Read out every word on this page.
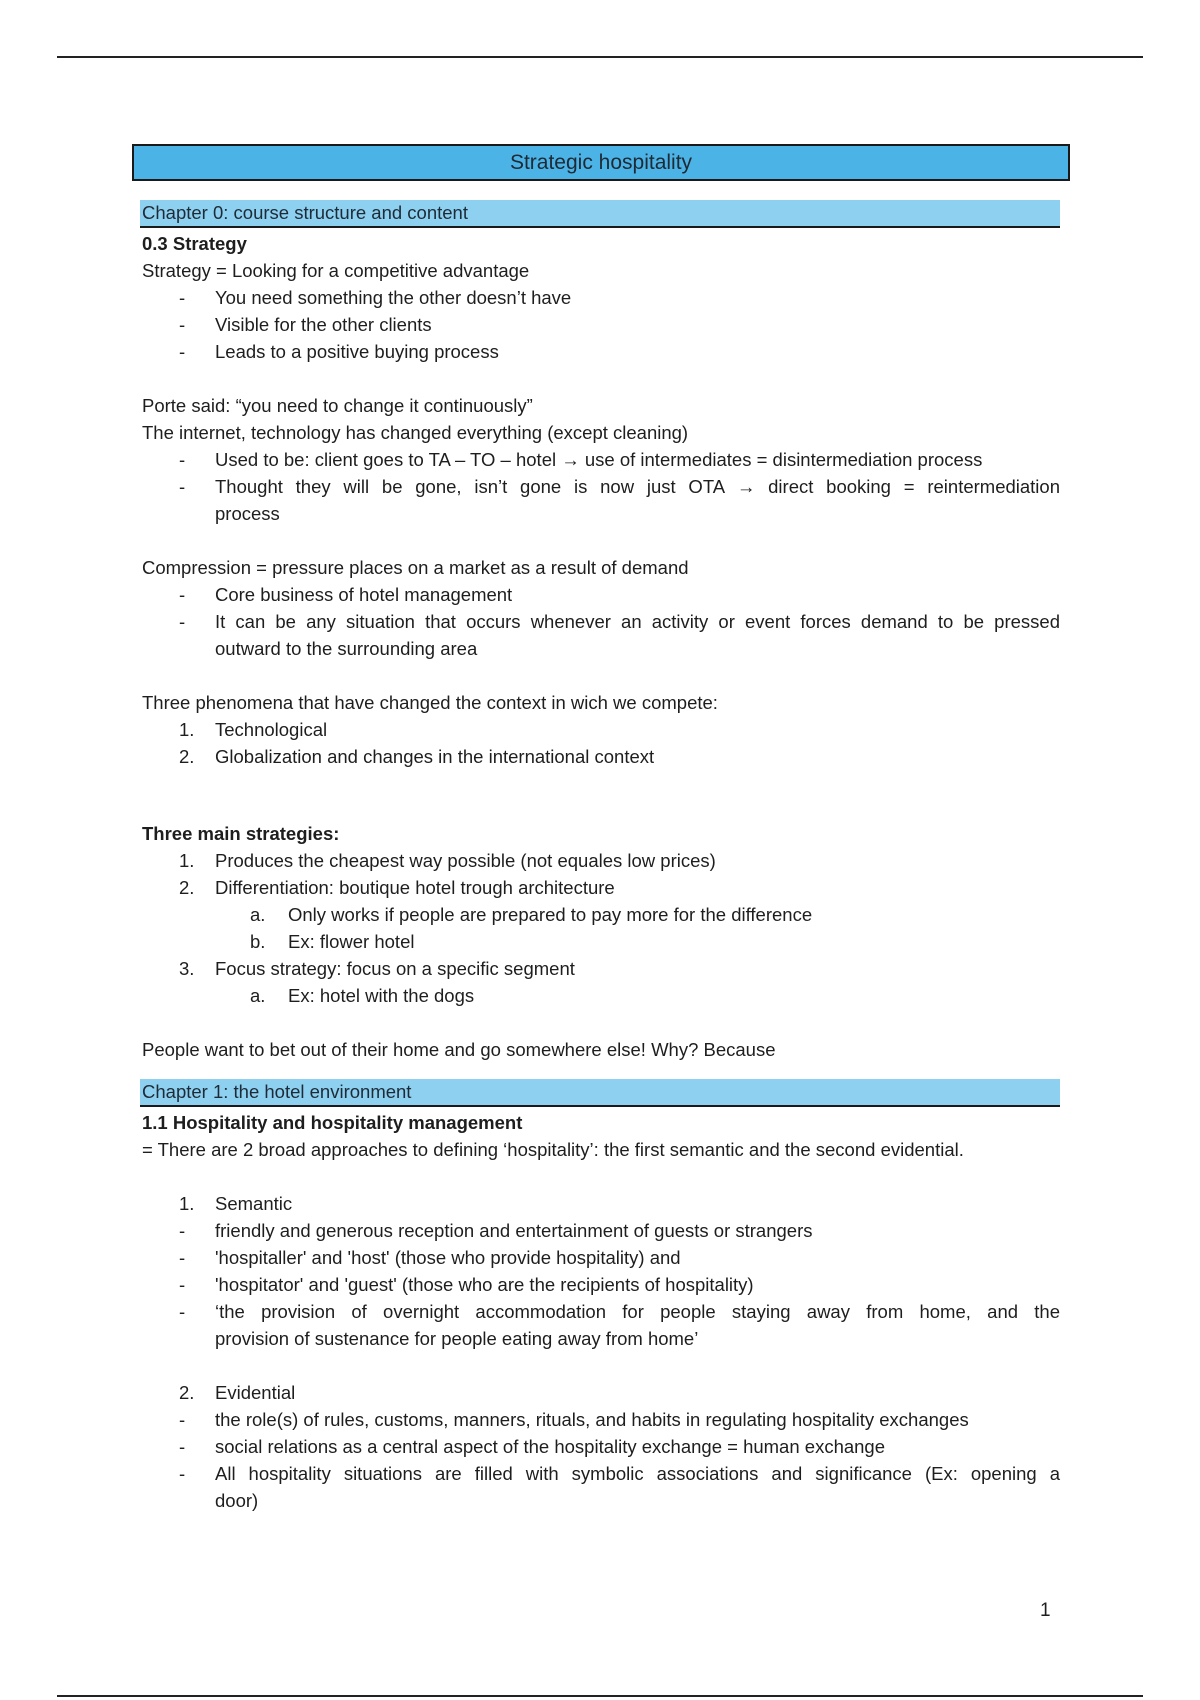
Strategic hospitality
Chapter 0: course structure and content
0.3 Strategy
Strategy = Looking for a competitive advantage
- You need something the other doesn’t have
- Visible for the other clients
- Leads to a positive buying process
Porte said: “you need to change it continuously”
The internet, technology has changed everything (except cleaning)
- Used to be: client goes to TA – TO – hotel → use of intermediates = disintermediation process
- Thought they will be gone, isn’t gone is now just OTA → direct booking = reintermediation
process
Compression = pressure places on a market as a result of demand
- Core business of hotel management
- It can be any situation that occurs whenever an activity or event forces demand to be pressed
outward to the surrounding area
Three phenomena that have changed the context in wich we compete:
1. Technological
2. Globalization and changes in the international context
Three main strategies:
1. Produces the cheapest way possible (not equales low prices)
2. Differentiation: boutique hotel trough architecture
a. Only works if people are prepared to pay more for the difference
b. Ex: flower hotel
3. Focus strategy: focus on a specific segment
a. Ex: hotel with the dogs
People want to bet out of their home and go somewhere else! Why? Because
Chapter 1: the hotel environment
1.1 Hospitality and hospitality management
= There are 2 broad approaches to defining ‘hospitality’: the first semantic and the second evidential.
1. Semantic
- friendly and generous reception and entertainment of guests or strangers
- 'hospitaller' and 'host' (those who provide hospitality) and
- 'hospitator' and 'guest' (those who are the recipients of hospitality)
- ‘the provision of overnight accommodation for people staying away from home, and the
provision of sustenance for people eating away from home’
2. Evidential
- the role(s) of rules, customs, manners, rituals, and habits in regulating hospitality exchanges
- social relations as a central aspect of the hospitality exchange = human exchange
- All hospitality situations are filled with symbolic associations and significance (Ex: opening a
door)
1
